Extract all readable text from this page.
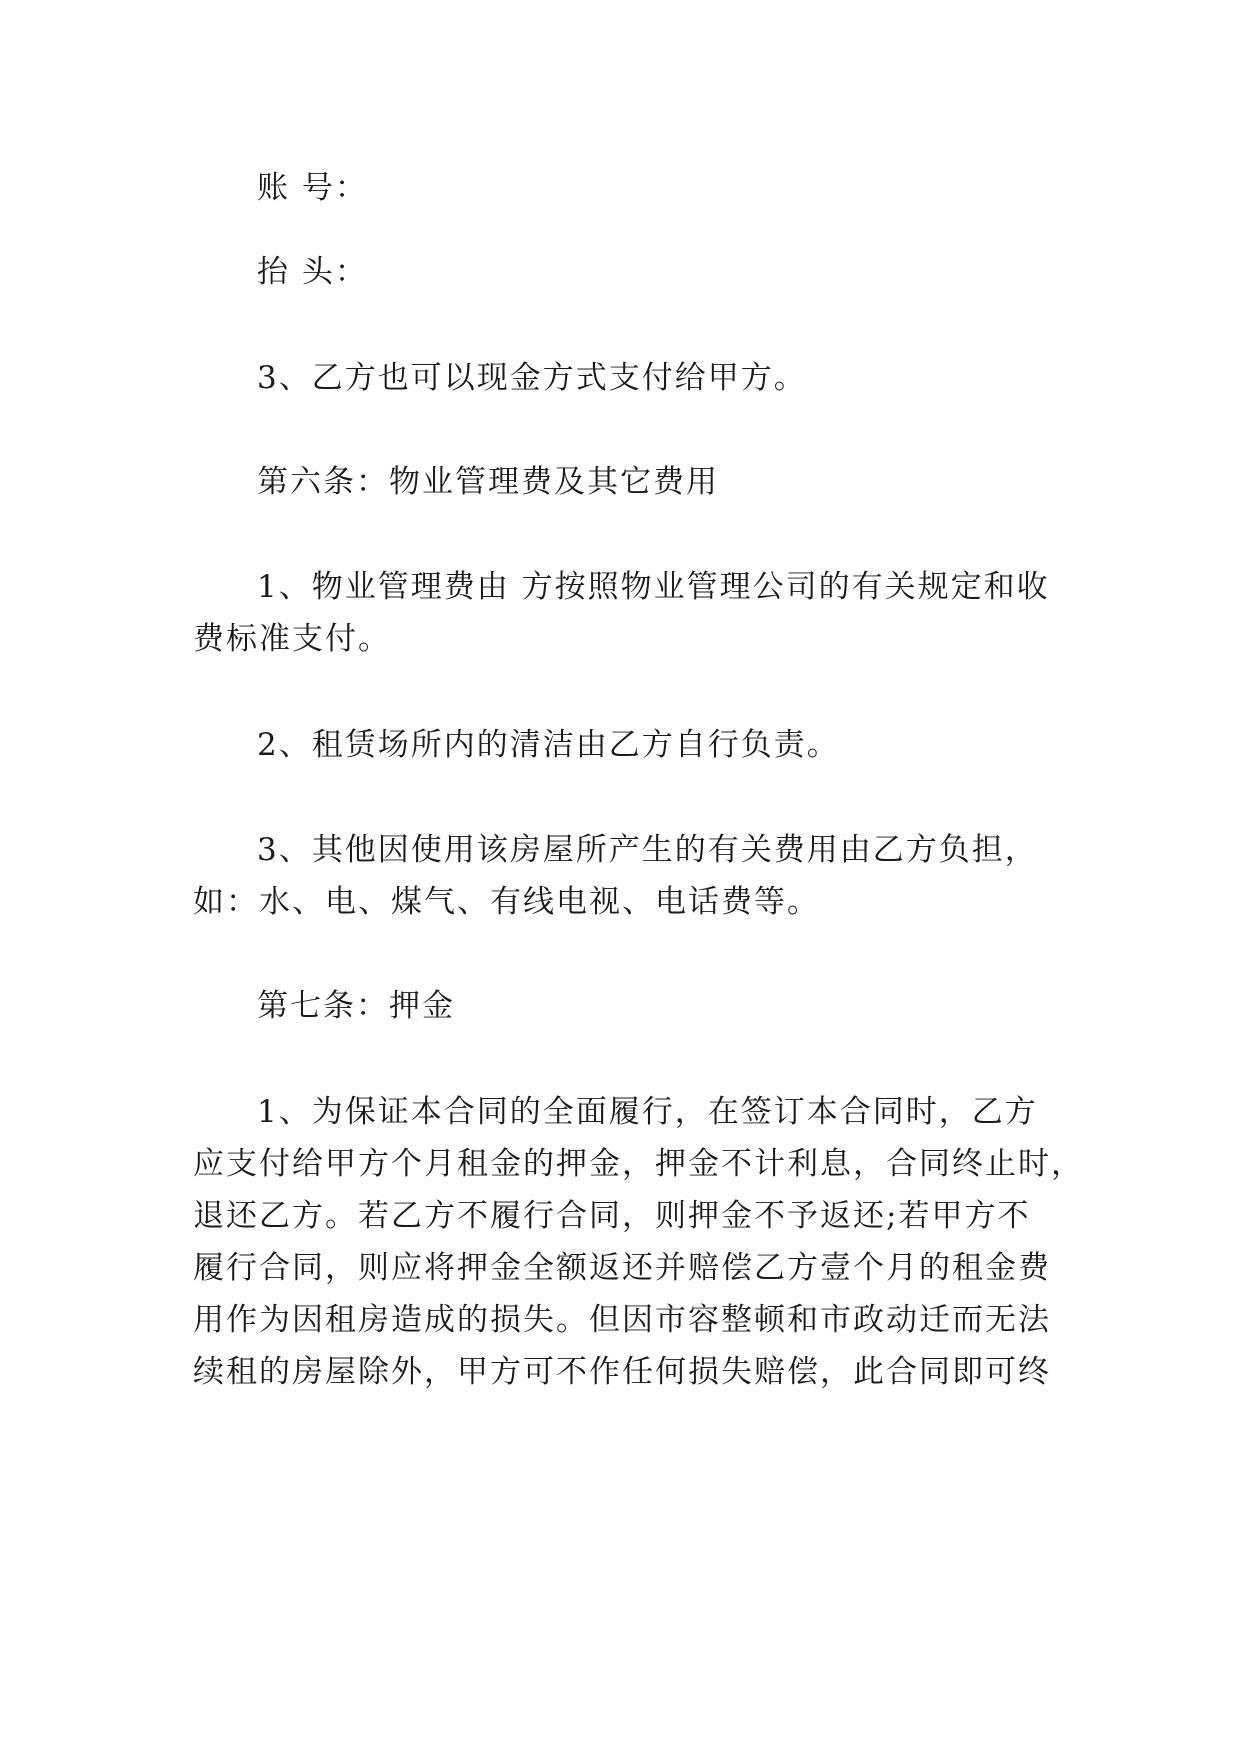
账 号：

抬 头：

3、乙方也可以现金方式支付给甲方。

第六条：物业管理费及其它费用

1、物业管理费由 方按照物业管理公司的有关规定和收

费标准支付。

2、租赁场所内的清洁由乙方自行负责。

3、其他因使用该房屋所产生的有关费用由乙方负担，

如：水、电、煤气、有线电视、电话费等。

第七条：押金

1、为保证本合同的全面履行，在签订本合同时，乙方

应支付给甲方个月租金的押金，押金不计利息，合同终止时，

退还乙方。若乙方不履行合同，则押金不予返还;若甲方不

履行合同，则应将押金全额返还并赔偿乙方壹个月的租金费

用作为因租房造成的损失。但因市容整顿和市政动迁而无法

续租的房屋除外，甲方可不作任何损失赔偿，此合同即可终
